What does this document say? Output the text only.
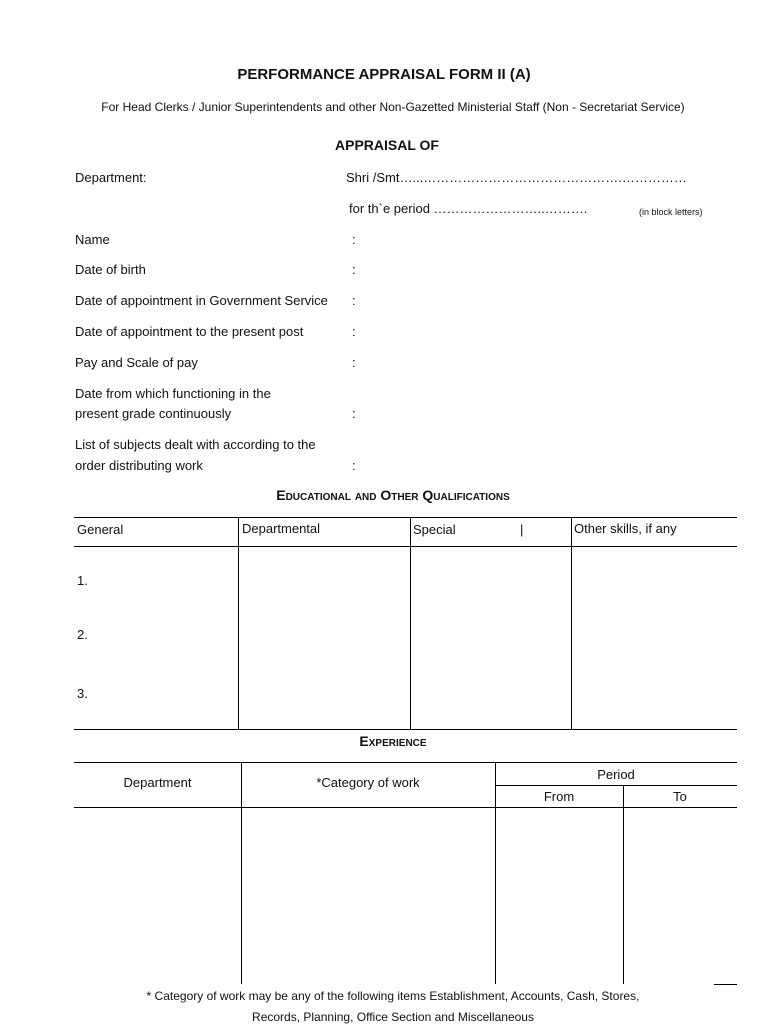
PERFORMANCE APPRAISAL FORM II (A)
For Head Clerks / Junior Superintendents and other Non-Gazetted Ministerial Staff (Non - Secretariat Service)
APPRAISAL OF
Department:	Shri /Smt…...……………………………………….……………
for th`e period ……………………..……….	(in block letters)
Name	:
Date of birth	:
Date of appointment in Government Service :
Date of appointment to the present post	:
Pay and Scale of pay	:
Date from which functioning in the
present grade continuously	:
List of subjects dealt with according to the
order distributing work	:
Educational and Other Qualifications
General	Departmental	Special	|	Other skills, if any
1.
2.
3.
Experience
Department	*Category of work
Period
From	To
* Category of work may be any of the following items Establishment, Accounts, Cash, Stores,
Records, Planning, Office Section and Miscellaneous
